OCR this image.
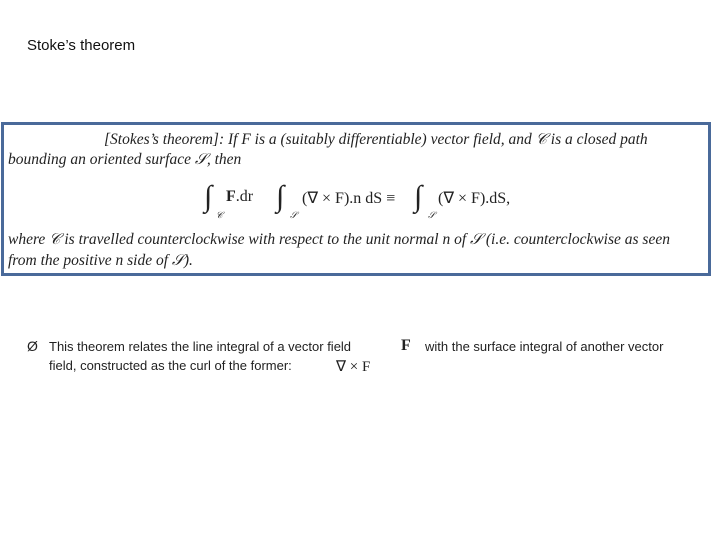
Stoke’s theorem
[Stokes’s theorem]: If F is a (suitably differentiable) vector field, and 𝒞 is a closed path
bounding an oriented surface 𝒮, then
∫
𝒞
F.dr ∫
𝒮
(∇ × F).n dS ≡ ∫
𝒮
(∇ × F).dS,
where 𝒞 is travelled counterclockwise with respect to the unit normal n of 𝒮 (i.e. counterclockwise as seen
from the positive n side of 𝒮).
Ø This theorem relates the line integral of a vector field	F with the surface integral of another vector
field, constructed as the curl of the former:	∇ × F
